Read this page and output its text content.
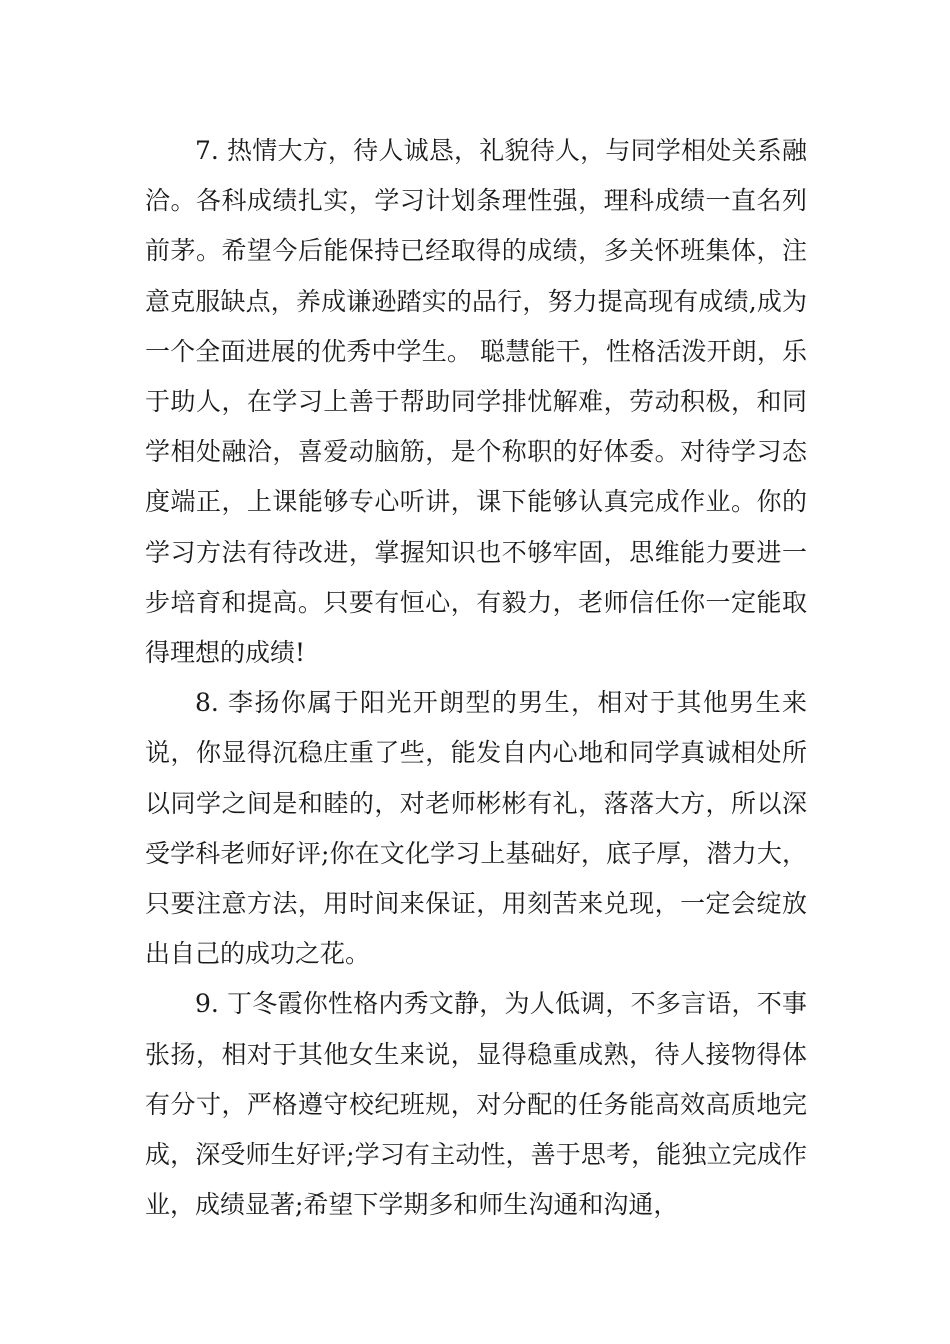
7. 热情大方，待人诚恳，礼貌待人，与同学相处关系融洽。各科成绩扎实，学习计划条理性强，理科成绩一直名列前茅。希望今后能保持已经取得的成绩，多关怀班集体，注意克服缺点，养成谦逊踏实的品行，努力提高现有成绩,成为一个全面进展的优秀中学生。 聪慧能干，性格活泼开朗，乐于助人，在学习上善于帮助同学排忧解难，劳动积极，和同学相处融洽，喜爱动脑筋，是个称职的好体委。对待学习态度端正，上课能够专心听讲，课下能够认真完成作业。你的学习方法有待改进，掌握知识也不够牢固，思维能力要进一步培育和提高。只要有恒心，有毅力，老师信任你一定能取得理想的成绩!

8. 李扬你属于阳光开朗型的男生，相对于其他男生来说，你显得沉稳庄重了些，能发自内心地和同学真诚相处所以同学之间是和睦的，对老师彬彬有礼，落落大方，所以深受学科老师好评;你在文化学习上基础好，底子厚，潜力大，只要注意方法，用时间来保证，用刻苦来兑现，一定会绽放出自己的成功之花。

9. 丁冬霞你性格内秀文静，为人低调，不多言语，不事张扬，相对于其他女生来说，显得稳重成熟，待人接物得体有分寸，严格遵守校纪班规，对分配的任务能高效高质地完成，深受师生好评;学习有主动性，善于思考，能独立完成作业，成绩显著;希望下学期多和师生沟通和沟通，
